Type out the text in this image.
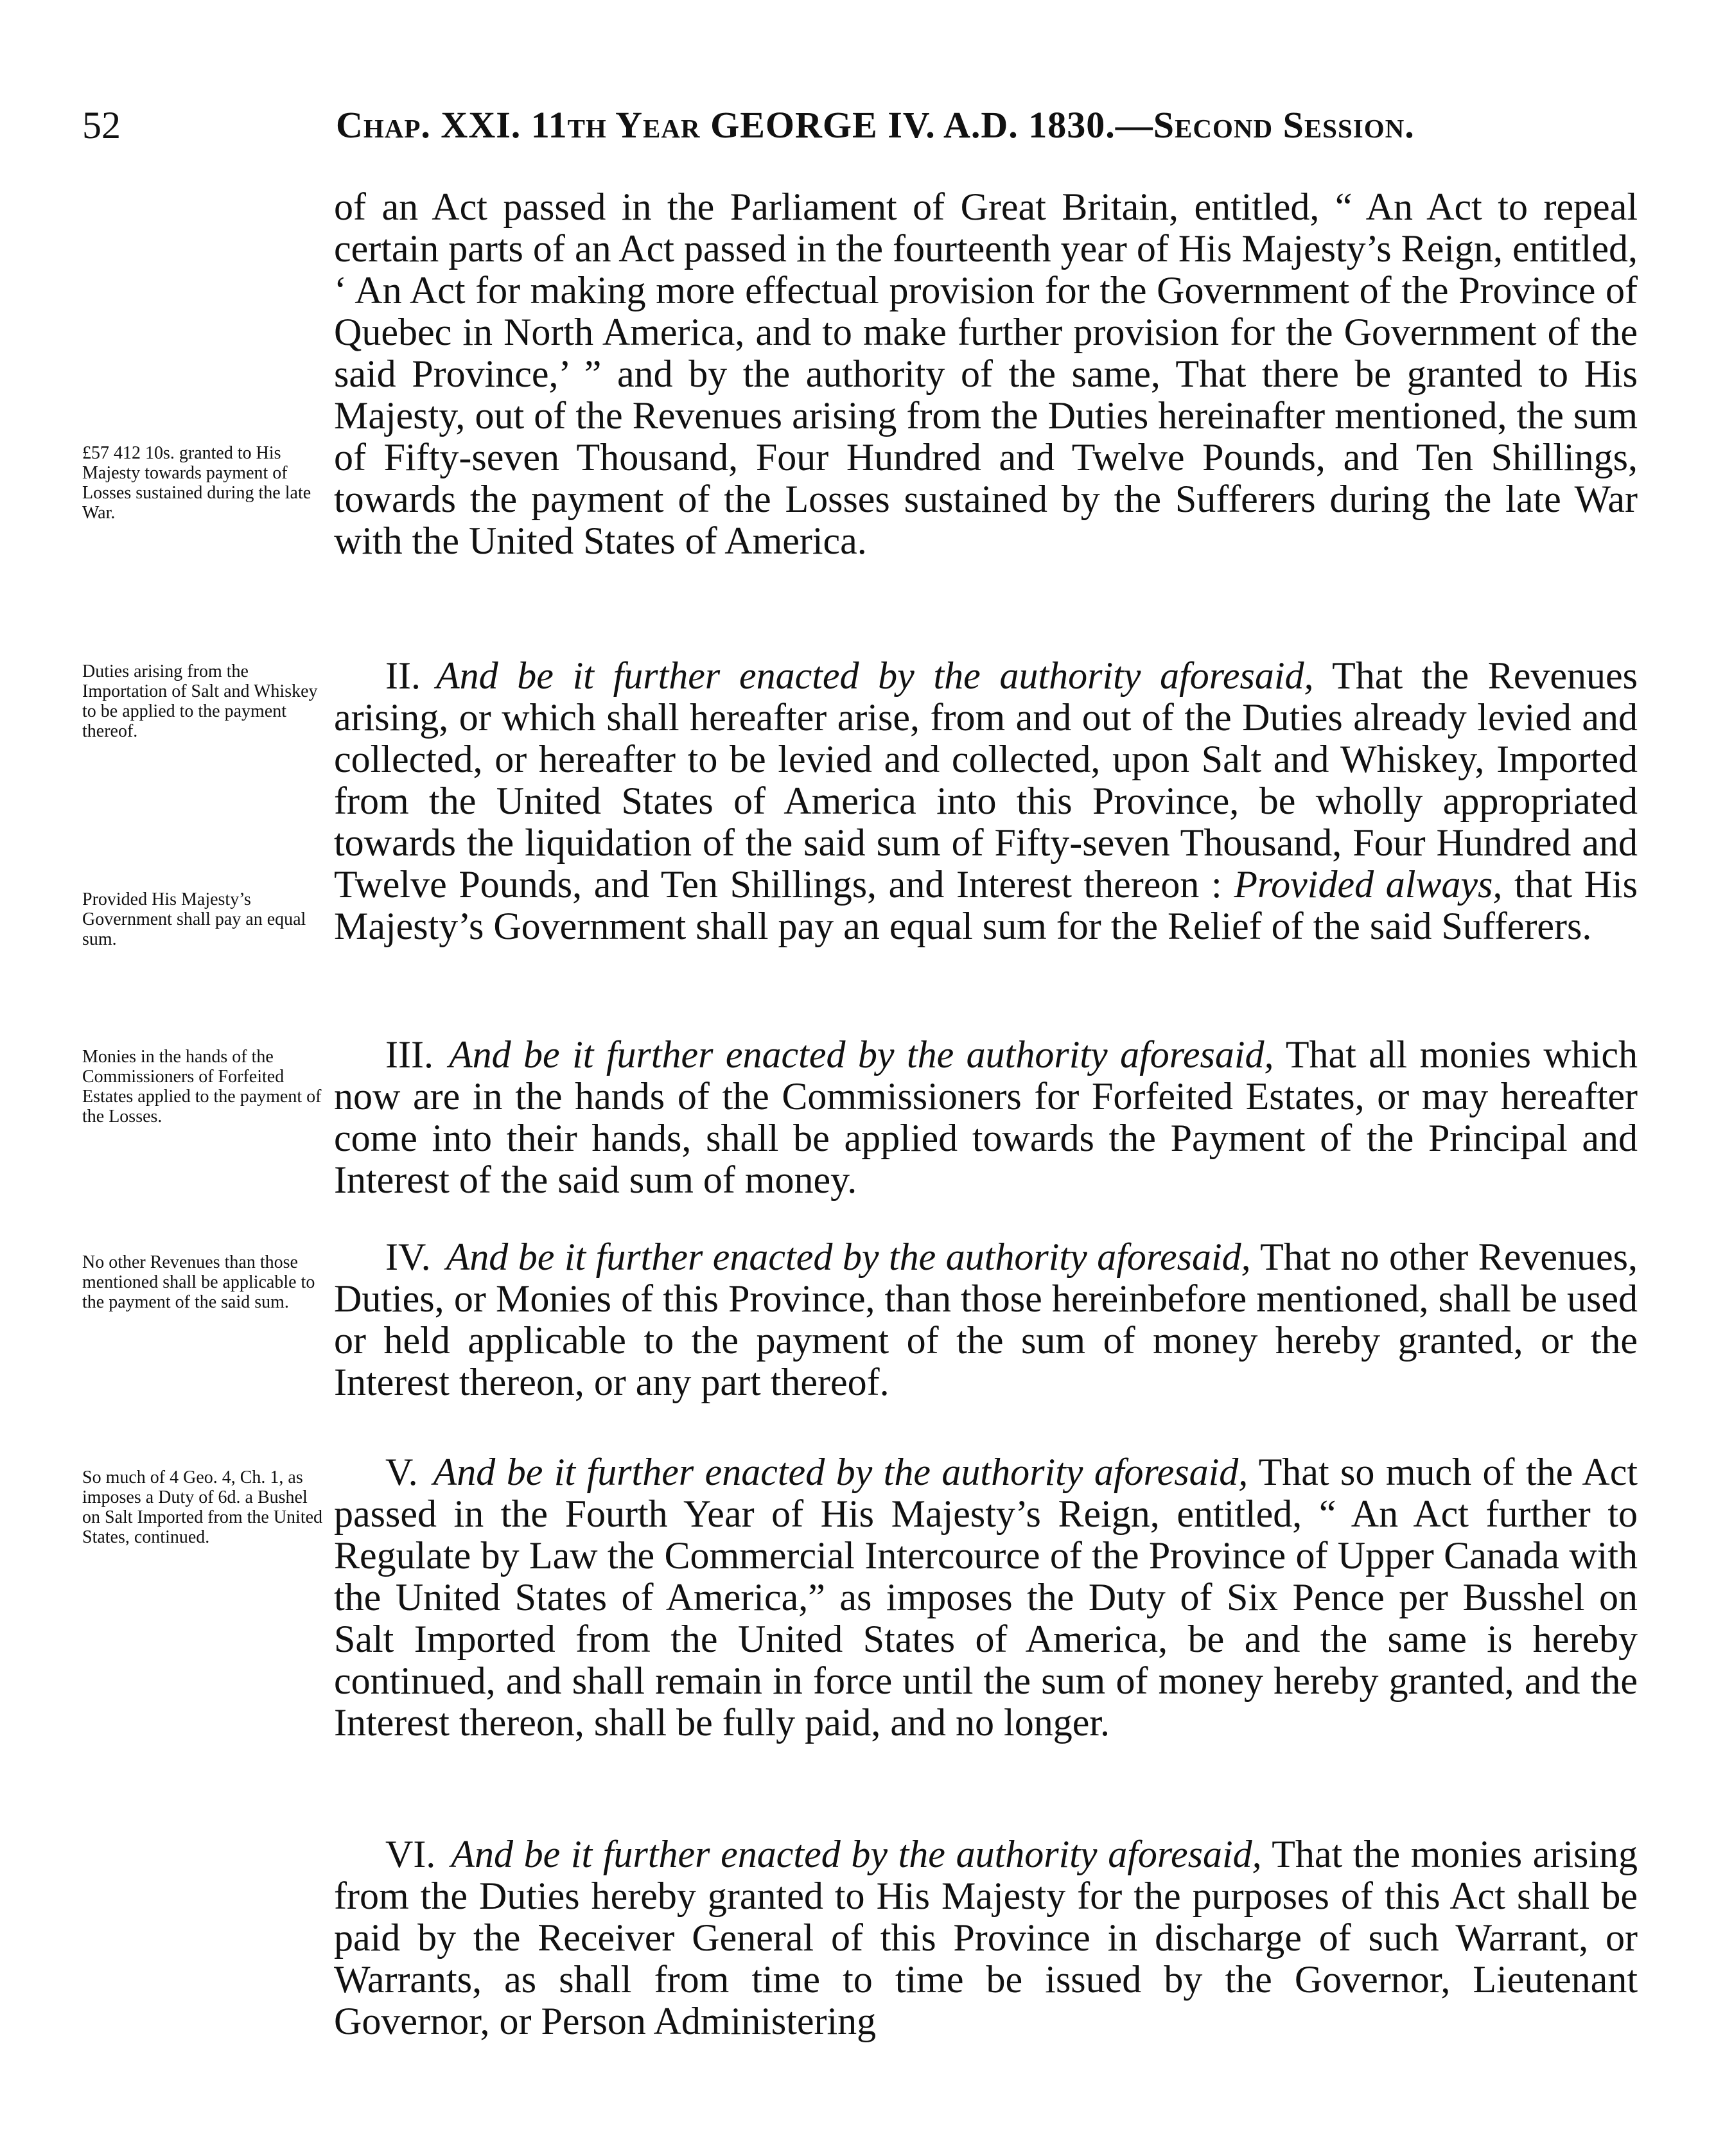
52	Chap. XXI. 11th Year GEORGE IV. A.D. 1830.—Second Session.
£57 412 10s. granted to His Majesty towards payment of Losses sustained during the late War.

of an Act passed in the Parliament of Great Britain, entitled, “ An Act to repeal certain parts of an Act passed in the fourteenth year of His Majesty’s Reign, entitled, ‘ An Act for making more effectual provision for the Government of the Province of Quebec in North America, and to make further provision for the Government of the said Province,’ ” and by the authority of the same, That there be granted to His Majesty, out of the Revenues arising from the Duties hereinafter mentioned, the sum of Fifty-seven Thousand, Four Hundred and Twelve Pounds, and Ten Shillings, towards the payment of the Losses sustained by the Sufferers during the late War with the United States of America.

Duties arising from the Importation of Salt and Whiskey to be applied to the payment thereof.
Provided His Majesty’s Government shall pay an equal sum.

II. And be it further enacted by the authority aforesaid, That the Revenues arising, or which shall hereafter arise, from and out of the Duties already levied and collected, or hereafter to be levied and collected, upon Salt and Whiskey, Imported from the United States of America into this Province, be wholly appropriated towards the liquidation of the said sum of Fifty-seven Thousand, Four Hundred and Twelve Pounds, and Ten Shillings, and Interest thereon : Provided always, that His Majesty’s Government shall pay an equal sum for the Relief of the said Sufferers.

Monies in the hands of the Commissioners of Forfeited Estates applied to the payment of the Losses.

III. And be it further enacted by the authority aforesaid, That all monies which now are in the hands of the Commissioners for Forfeited Estates, or may hereafter come into their hands, shall be applied towards the Payment of the Principal and Interest of the said sum of money.

No other Revenues than those mentioned shall be applicable to the payment of the said sum.

IV. And be it further enacted by the authority aforesaid, That no other Revenues, Duties, or Monies of this Province, than those hereinbefore mentioned, shall be used or held applicable to the payment of the sum of money hereby granted, or the Interest thereon, or any part thereof.

So much of 4 Geo. 4, Ch. 1, as imposes a Duty of 6d. a Bushel on Salt Imported from the United States, continued.

V. And be it further enacted by the authority aforesaid, That so much of the Act passed in the Fourth Year of His Majesty’s Reign, entitled, “ An Act further to Regulate by Law the Commercial Intercource of the Province of Upper Canada with the United States of America,” as imposes the Duty of Six Pence per Busshel on Salt Imported from the United States of America, be and the same is hereby continued, and shall remain in force until the sum of money hereby granted, and the Interest thereon, shall be fully paid, and no longer.

VI. And be it further enacted by the authority aforesaid, That the monies arising from the Duties hereby granted to His Majesty for the purposes of this Act shall be paid by the Receiver General of this Province in discharge of such Warrant, or Warrants, as shall from time to time be issued by the Governor, Lieutenant Governor, or Person Administering
